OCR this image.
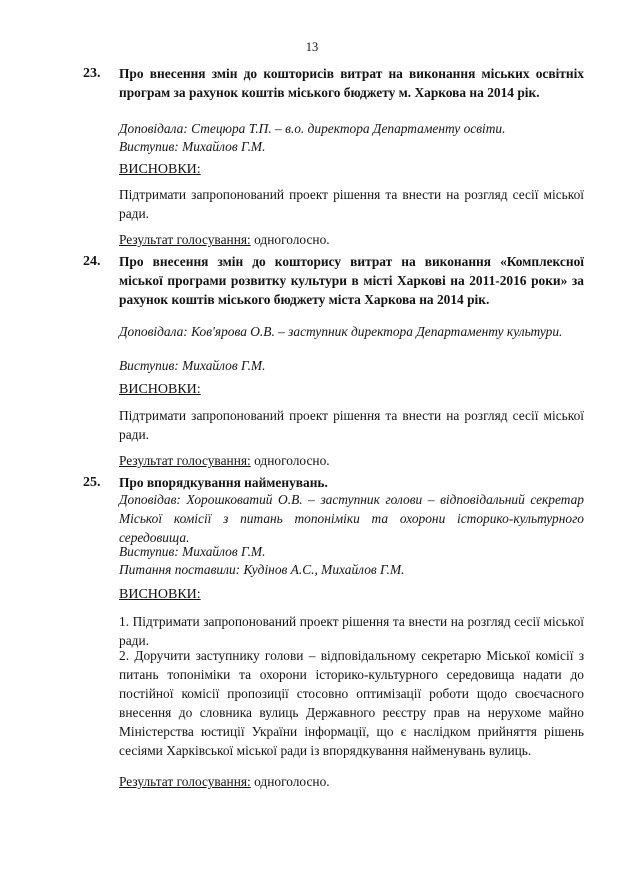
13
23. Про внесення змін до кошторисів витрат на виконання міських освітніх програм за рахунок коштів міського бюджету м. Харкова на 2014 рік.
Доповідала: Стецюра Т.П. – в.о. директора Департаменту освіти.
Виступив: Михайлов Г.М.
ВИСНОВКИ:
Підтримати запропонований проект рішення та внести на розгляд сесії міської ради.
Результат голосування: одноголосно.
24. Про внесення змін до кошторису витрат на виконання «Комплексної міської програми розвитку культури в місті Харкові на 2011-2016 роки» за рахунок коштів міського бюджету міста Харкова на 2014 рік.
Доповідала: Ков'ярова О.В. – заступник директора Департаменту культури.
Виступив: Михайлов Г.М.
ВИСНОВКИ:
Підтримати запропонований проект рішення та внести на розгляд сесії міської ради.
Результат голосування: одноголосно.
25. Про впорядкування найменувань.
Доповідав: Хорошковатий О.В. – заступник голови – відповідальний секретар Міської комісії з питань топоніміки та охорони історико-культурного середовища.
Виступив: Михайлов Г.М.
Питання поставили: Кудінов А.С., Михайлов Г.М.
ВИСНОВКИ:
1. Підтримати запропонований проект рішення та внести на розгляд сесії міської ради.
2. Доручити заступнику голови – відповідальному секретарю Міської комісії з питань топоніміки та охорони історико-культурного середовища надати до постійної комісії пропозиції стосовно оптимізації роботи щодо своєчасного внесення до словника вулиць Державного реєстру прав на нерухоме майно Міністерства юстиції України інформації, що є наслідком прийняття рішень сесіями Харківської міської ради із впорядкування найменувань вулиць.
Результат голосування: одноголосно.
